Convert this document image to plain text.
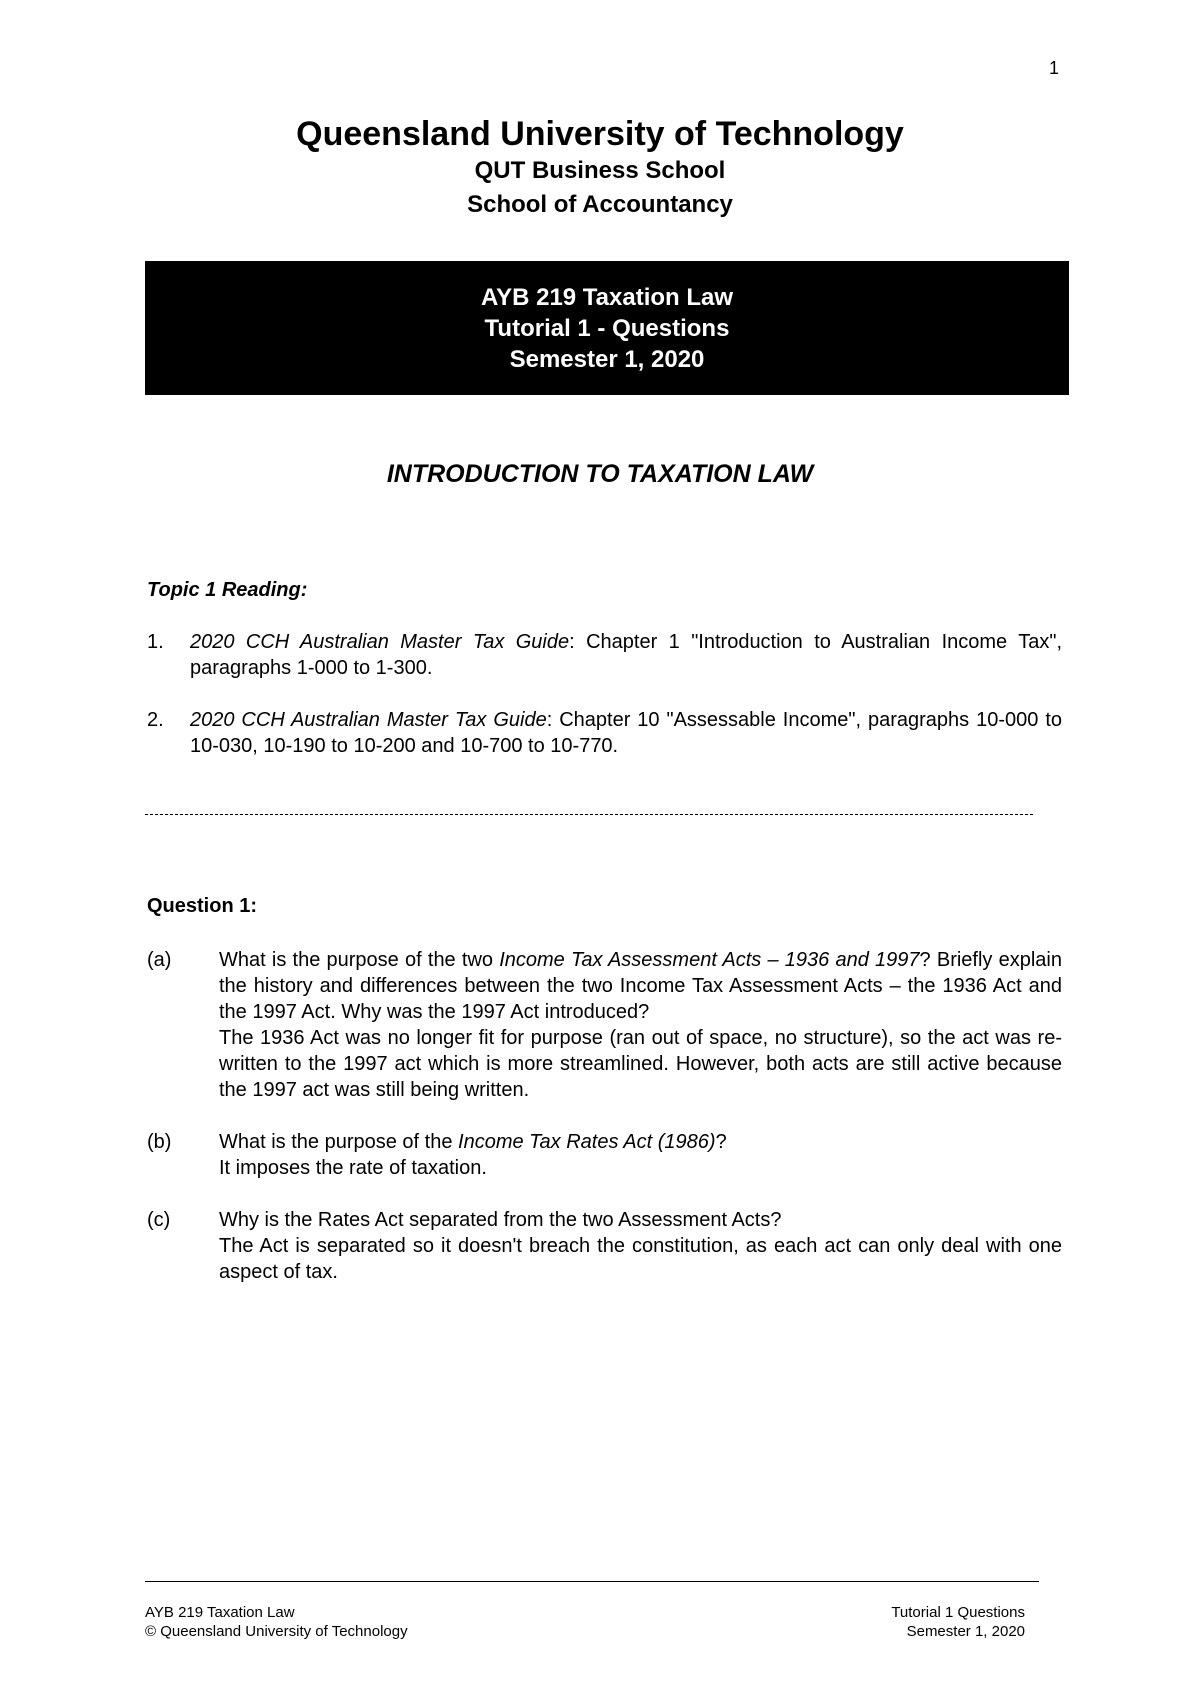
1
Queensland University of Technology
QUT Business School
School of Accountancy
AYB 219 Taxation Law
Tutorial 1 - Questions
Semester 1, 2020
INTRODUCTION TO TAXATION LAW
Topic 1 Reading:
1.	2020 CCH Australian Master Tax Guide: Chapter 1 "Introduction to Australian Income Tax", paragraphs 1-000 to 1-300.
2.	2020 CCH Australian Master Tax Guide: Chapter 10 "Assessable Income", paragraphs 10-000 to 10-030, 10-190 to 10-200 and 10-700 to 10-770.
Question 1:
(a)	What is the purpose of the two Income Tax Assessment Acts – 1936 and 1997? Briefly explain the history and differences between the two Income Tax Assessment Acts – the 1936 Act and the 1997 Act. Why was the 1997 Act introduced?
The 1936 Act was no longer fit for purpose (ran out of space, no structure), so the act was re-written to the 1997 act which is more streamlined. However, both acts are still active because the 1997 act was still being written.
(b)	What is the purpose of the Income Tax Rates Act (1986)?
It imposes the rate of taxation.
(c)	Why is the Rates Act separated from the two Assessment Acts?
The Act is separated so it doesn't breach the constitution, as each act can only deal with one aspect of tax.
AYB 219 Taxation Law
© Queensland University of Technology
Tutorial 1 Questions
Semester 1, 2020
